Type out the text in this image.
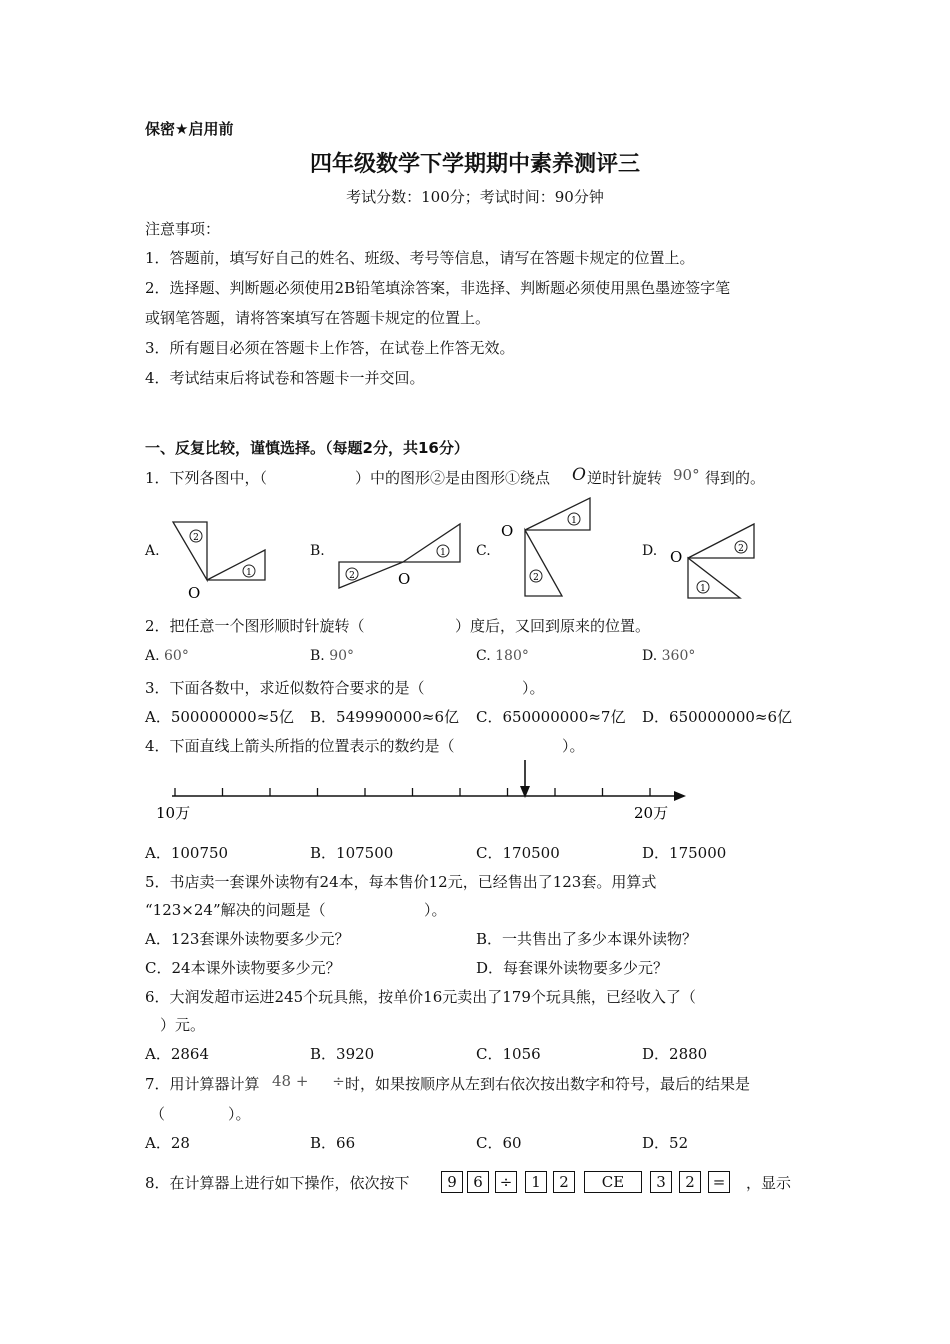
保密★启用前
四年级数学下学期期中素养测评三
考试分数：100分；考试时间：90分钟
注意事项：
1．答题前，填写好自己的姓名、班级、考号等信息，请写在答题卡规定的位置上。
2．选择题、判断题必须使用2B铅笔填涂答案，非选择、判断题必须使用黑色墨迹签字笔
或钢笔答题，请将答案填写在答题卡规定的位置上。
3．所有题目必须在答题卡上作答，在试卷上作答无效。
4．考试结束后将试卷和答题卡一并交回。
一、反复比较，谨慎选择。（每题2分，共16分）
1．下列各图中，（	）中的图形②是由图形①绕点 O 逆时针旋转 90° 得到的。
A.	B.	C.	D.
2
1
O
1
2	O
1
2
O
2
1
O
2．把任意一个图形顺时针旋转（	）度后，又回到原来的位置。
A. 60°	B. 90°	C. 180°	D. 360°
3．下面各数中，求近似数符合要求的是（	）。
A．500000000≈5亿 B．549990000≈6亿 C．650000000≈7亿 D．650000000≈6亿
4．下面直线上箭头所指的位置表示的数约是（	）。
10万	20万
A．100750	B．107500	C．170500	D．175000
5．书店卖一套课外读物有24本，每本售价12元，已经售出了123套。用算式
“123×24”解决的问题是（	）。
A．123套课外读物要多少元？	B．一共售出了多少本课外读物？
C．24本课外读物要多少元？	D．每套课外读物要多少元？
6．大润发超市运进245个玩具熊，按单价16元卖出了179个玩具熊，已经收入了（
）元。
A．2864	B．3920	C．1056	D．2880
7．用计算器计算 48 +     ÷ 时，如果按顺序从左到右依次按出数字和符号，最后的结果是
（	）。
A．28	B．66	C．60	D．52
8．在计算器上进行如下操作，依次按下	9	6	÷	1	2	CE	3	2	=	，显示
